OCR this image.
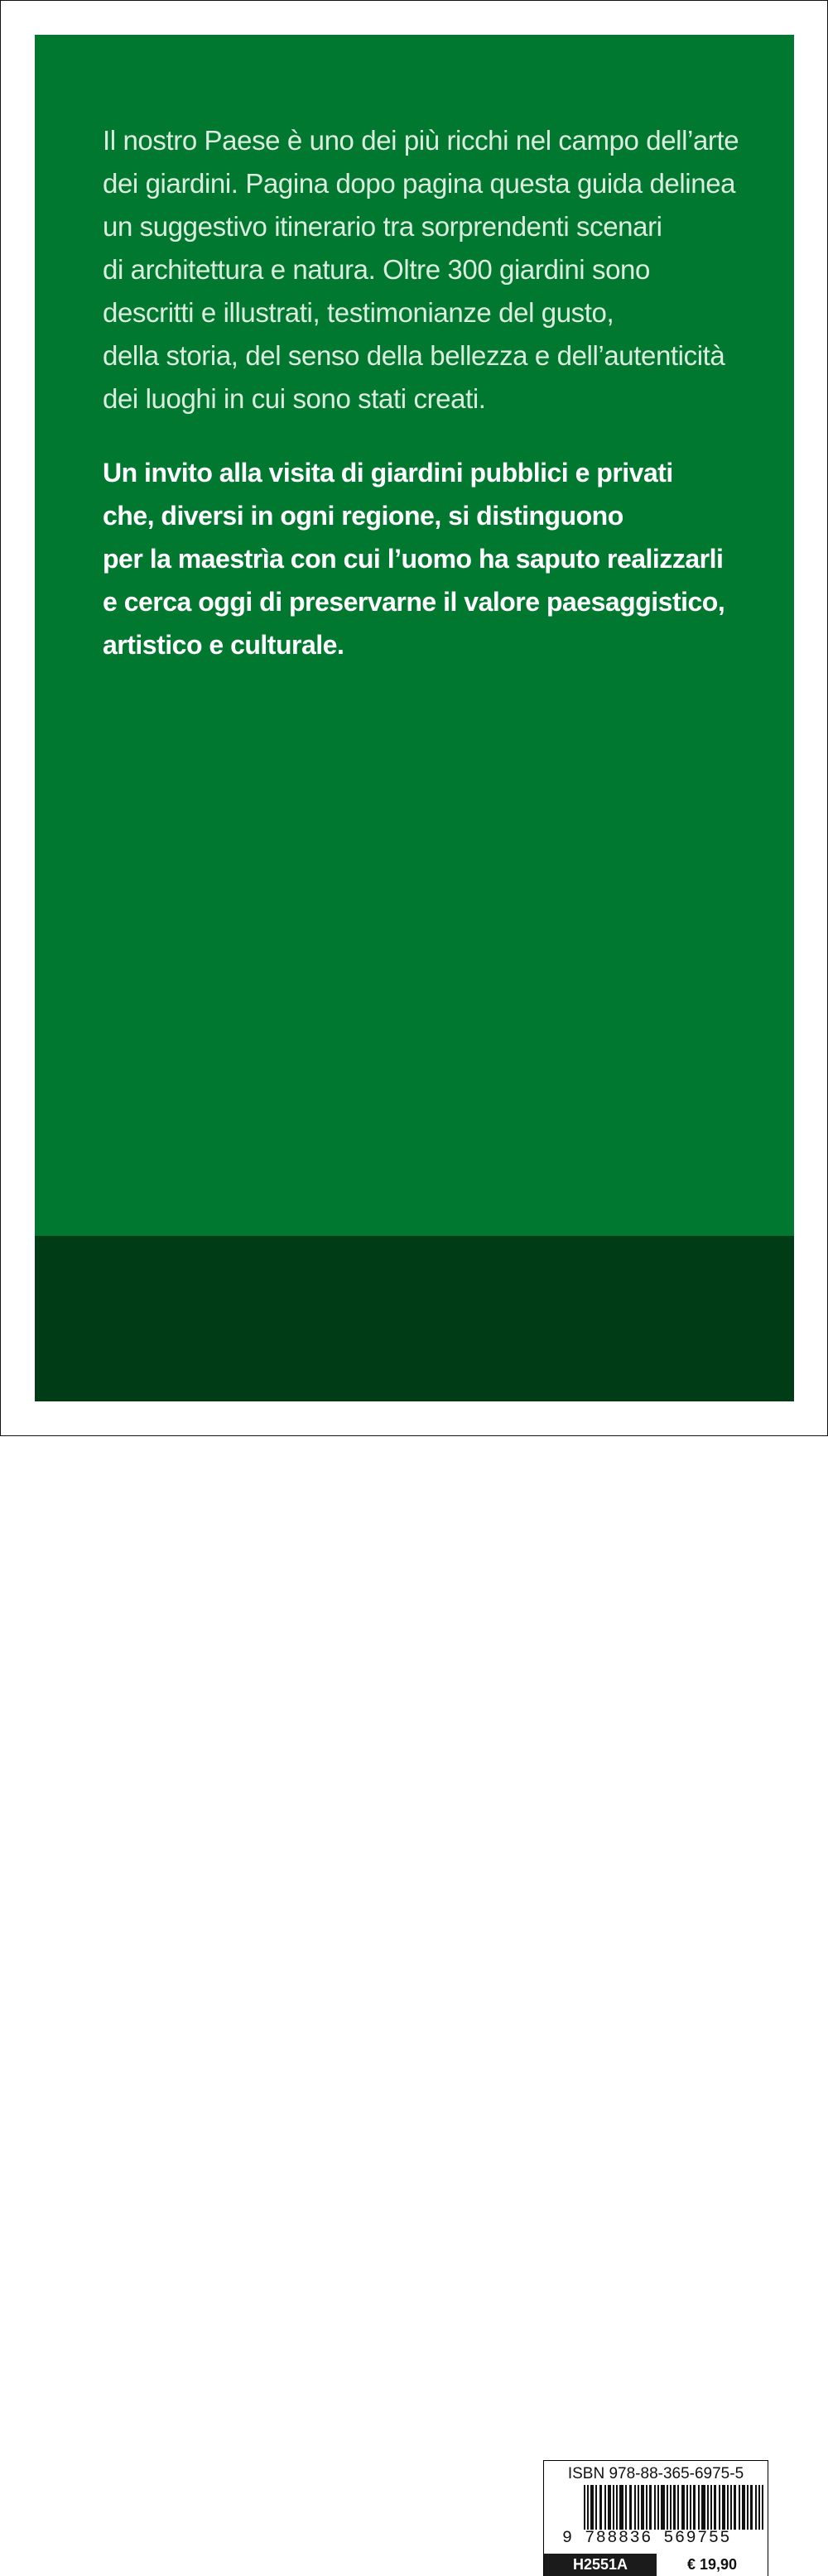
Il nostro Paese è uno dei più ricchi nel campo dell’arte
dei giardini. Pagina dopo pagina questa guida delinea
un suggestivo itinerario tra sorprendenti scenari
di architettura e natura. Oltre 300 giardini sono
descritti e illustrati, testimonianze del gusto,
della storia, del senso della bellezza e dell’autenticità
dei luoghi in cui sono stati creati.

Un invito alla visita di giardini pubblici e privati
che, diversi in ogni regione, si distinguono
per la maestrìa con cui l’uomo ha saputo realizzarli
e cerca oggi di preservarne il valore paesaggistico,
artistico e culturale.

ISBN 978-88-365-6975-5
9 788836 569755
H2551A	€ 19,90
